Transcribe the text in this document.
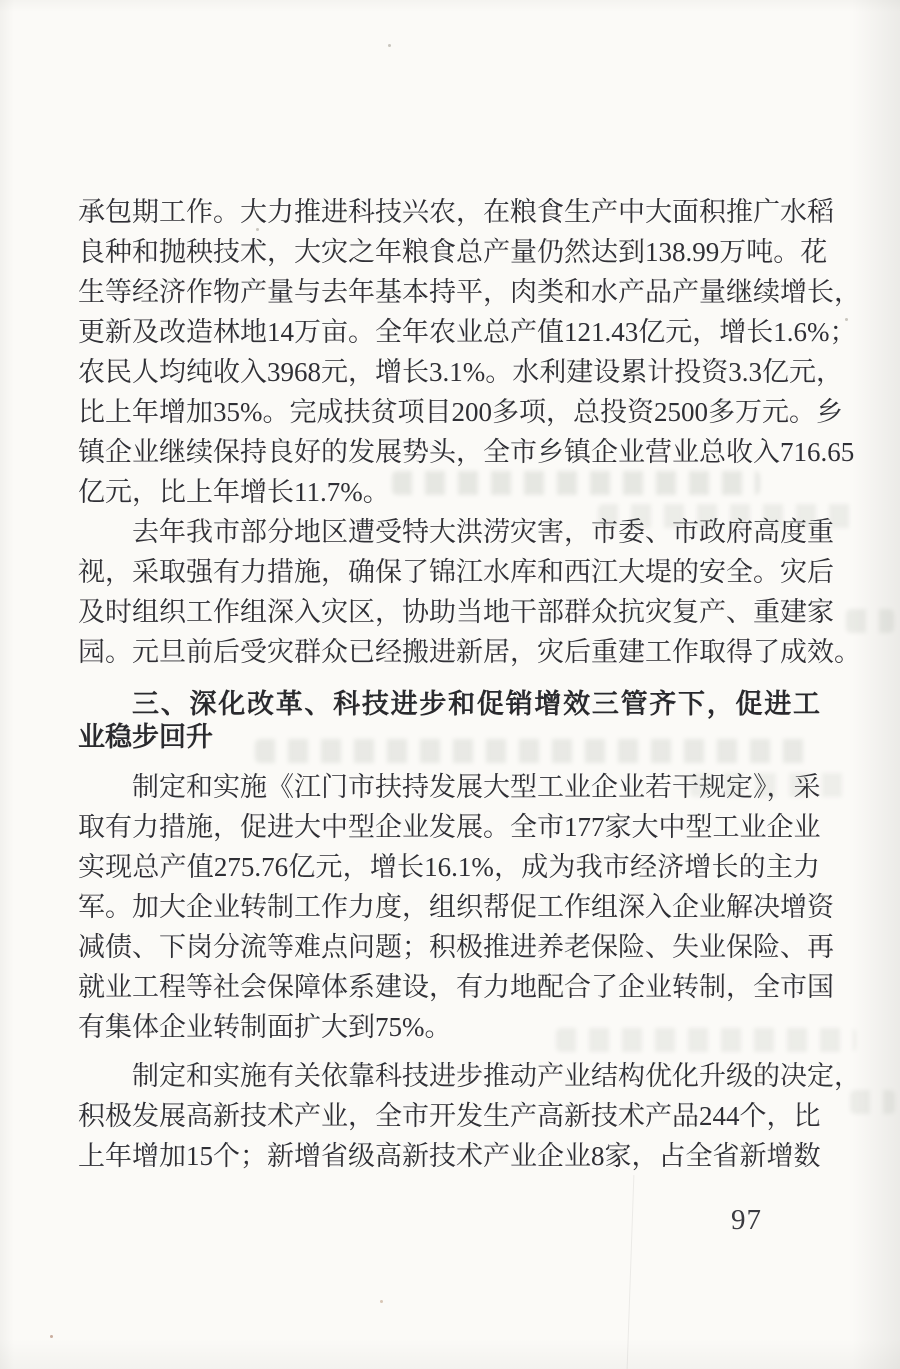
承包期工作。大力推进科技兴农，在粮食生产中大面积推广水稻
良种和抛秧技术，大灾之年粮食总产量仍然达到138.99万吨。花
生等经济作物产量与去年基本持平，肉类和水产品产量继续增长，
更新及改造林地14万亩。全年农业总产值121.43亿元，增长1.6%；
农民人均纯收入3968元，增长3.1%。水利建设累计投资3.3亿元，
比上年增加35%。完成扶贫项目200多项，总投资2500多万元。乡
镇企业继续保持良好的发展势头，全市乡镇企业营业总收入716.65
亿元，比上年增长11.7%。
去年我市部分地区遭受特大洪涝灾害，市委、市政府高度重
视，采取强有力措施，确保了锦江水库和西江大堤的安全。灾后
及时组织工作组深入灾区，协助当地干部群众抗灾复产、重建家
园。元旦前后受灾群众已经搬进新居，灾后重建工作取得了成效。
三、深化改革、科技进步和促销增效三管齐下，促进工
业稳步回升
制定和实施《江门市扶持发展大型工业企业若干规定》，采
取有力措施，促进大中型企业发展。全市177家大中型工业企业
实现总产值275.76亿元，增长16.1%，成为我市经济增长的主力
军。加大企业转制工作力度，组织帮促工作组深入企业解决增资
减债、下岗分流等难点问题；积极推进养老保险、失业保险、再
就业工程等社会保障体系建设，有力地配合了企业转制，全市国
有集体企业转制面扩大到75%。
制定和实施有关依靠科技进步推动产业结构优化升级的决定，
积极发展高新技术产业，全市开发生产高新技术产品244个，比
上年增加15个；新增省级高新技术产业企业8家，占全省新增数
97
